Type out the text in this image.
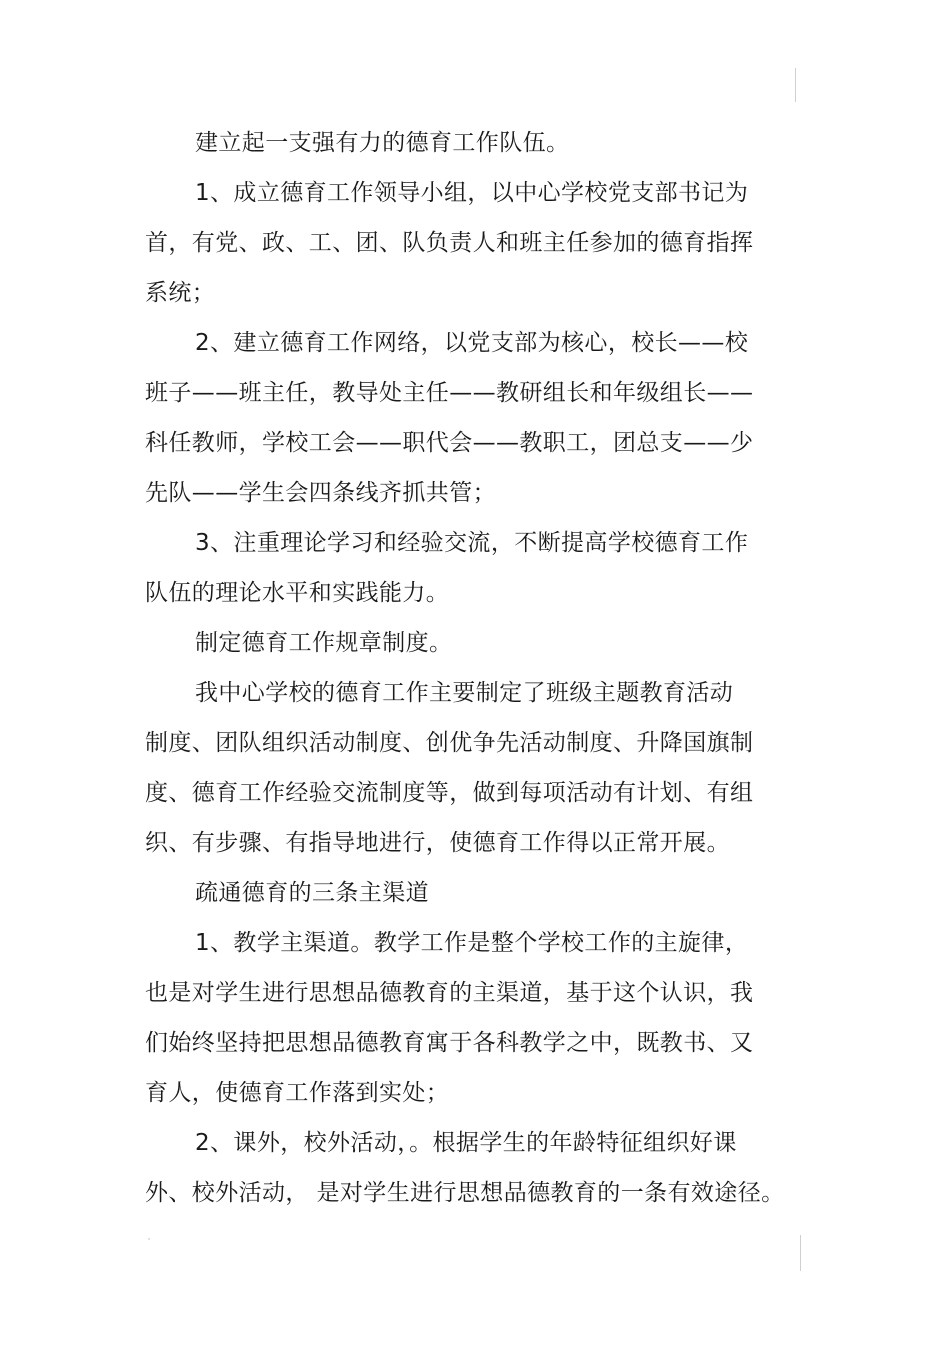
建立起一支强有力的德育工作队伍。
1、成立德育工作领导小组，以中心学校党支部书记为
首，有党、政、工、团、队负责人和班主任参加的德育指挥
系统；
2、建立德育工作网络，以党支部为核心，校长——校
班子——班主任，教导处主任——教研组长和年级组长——
科任教师，学校工会——职代会——教职工，团总支——少
先队——学生会四条线齐抓共管；
3、注重理论学习和经验交流，不断提高学校德育工作
队伍的理论水平和实践能力。
制定德育工作规章制度。
我中心学校的德育工作主要制定了班级主题教育活动
制度、团队组织活动制度、创优争先活动制度、升降国旗制
度、德育工作经验交流制度等，做到每项活动有计划、有组
织、有步骤、有指导地进行，使德育工作得以正常开展。
疏通德育的三条主渠道
1、教学主渠道。教学工作是整个学校工作的主旋律，
也是对学生进行思想品德教育的主渠道，基于这个认识，我
们始终坚持把思想品德教育寓于各科教学之中，既教书、又
育人，使德育工作落到实处；
2、课外，校外活动，。根据学生的年龄特征组织好课
外、校外活动， 是对学生进行思想品德教育的一条有效途径。
